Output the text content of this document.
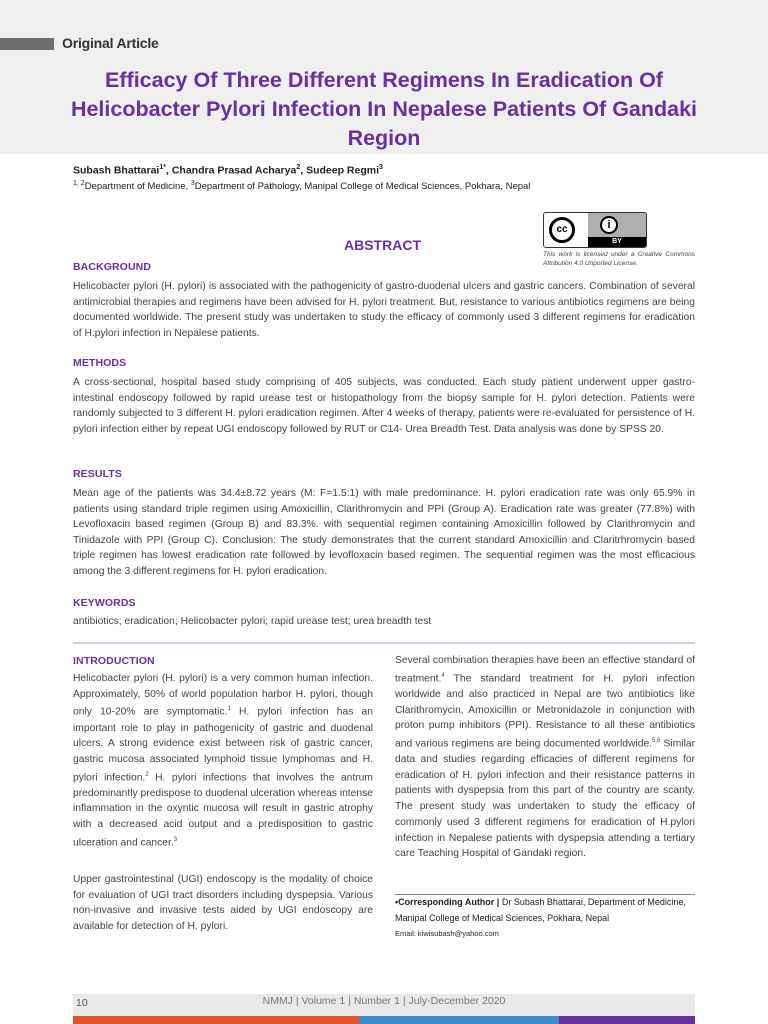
Original Article
Efficacy Of Three Different Regimens In Eradication Of Helicobacter Pylori Infection In Nepalese Patients Of Gandaki Region
Subash Bhattarai$^{1*}$, Chandra Prasad Acharya$^2$, Sudeep Regmi$^3$
$^{1, 2}$Department of Medicine, $^3$Department of Pathology, Manipal College of Medical Sciences, Pokhara, Nepal
cc	i
BY
This work is licensed under a Creative Commons Attribution 4.0 Unported License.
ABSTRACT
BACKGROUND
Helicobacter pylori (H. pylori) is associated with the pathogenicity of gastro-duodenal ulcers and gastric cancers. Combination of several antimicrobial therapies and regimens have been advised for H. pylori treatment. But, resistance to various antibiotics regimens are being documented worldwide. The present study was undertaken to study the efficacy of commonly used 3 different regimens for eradication of H.pylori infection in Nepalese patients.
METHODS
A cross-sectional, hospital based study comprising of 405 subjects, was conducted. Each study patient underwent upper gastro-intestinal endoscopy followed by rapid urease test or histopathology from the biopsy sample for H. pylori detection. Patients were randomly subjected to 3 different H. pylori eradication regimen. After 4 weeks of therapy, patients were re-evaluated for persistence of H. pylori infection either by repeat UGI endoscopy followed by RUT or C14- Urea Breadth Test. Data analysis was done by SPSS 20.
RESULTS
Mean age of the patients was 34.4±8.72 years (M: F=1.5:1) with male predominance. H. pylori eradication rate was only 65.9% in patients using standard triple regimen using Amoxicillin, Clarithromycin and PPI (Group A). Eradication rate was greater (77.8%) with Levofloxacin based regimen (Group B) and 83.3%. with sequential regimen containing Amoxicillin followed by Clarithromycin and Tinidazole with PPI (Group C). Conclusion: The study demonstrates that the current standard Amoxicillin and Claritrhromycin based triple regimen has lowest eradication rate followed by levofloxacin based regimen. The sequential regimen was the most efficacious among the 3 different regimens for H. pylori eradication.
KEYWORDS
antibiotics; eradication; Helicobacter pylori; rapid urease test; urea breadth test
INTRODUCTION
Helicobacter pylori (H. pylori) is a very common human infection. Approximately, 50% of world population harbor H. pylori, though only 10-20% are symptomatic.$^1$ H. pylori infection has an important role to play in pathogenicity of gastric and duodenal ulcers. A strong evidence exist between risk of gastric cancer, gastric mucosa associated lymphoid tissue lymphomas and H. pylori infection.$^2$ H. pylori infections that involves the antrum predominantly predispose to duodenal ulceration whereas intense inflammation in the oxyntic mucosa will result in gastric atrophy with a decreased acid output and a predisposition to gastric ulceration and cancer.$^3$
Upper gastrointestinal (UGI) endoscopy is the modality of choice for evaluation of UGI tract disorders including dyspepsia. Various non-invasive and invasive tests aided by UGI endoscopy are available for detection of H. pylori.
Several combination therapies have been an effective standard of treatment.$^4$ The standard treatment for H. pylori infection worldwide and also practiced in Nepal are two antibiotics like Clarithromycin, Amoxicillin or Metronidazole in conjunction with proton pump inhibitors (PPI). Resistance to all these antibiotics and various regimens are being documented worldwide.$^{5,6}$ Similar data and studies regarding efficacies of different regimens for eradication of H. pylori infection and their resistance patterns in patients with dyspepsia from this part of the country are scanty. The present study was undertaken to study the efficacy of commonly used 3 different regimens for eradication of H.pylori infection in Nepalese patients with dyspepsia attending a tertiary care Teaching Hospital of Gandaki region.
•Corresponding Author | Dr Subash Bhattarai, Department of Medicine,
Manipal College of Medical Sciences, Pokhara, Nepal
Email: kiwisubash@yahoo.com
10	NMMJ | Volume 1 | Number 1 | July-December 2020
